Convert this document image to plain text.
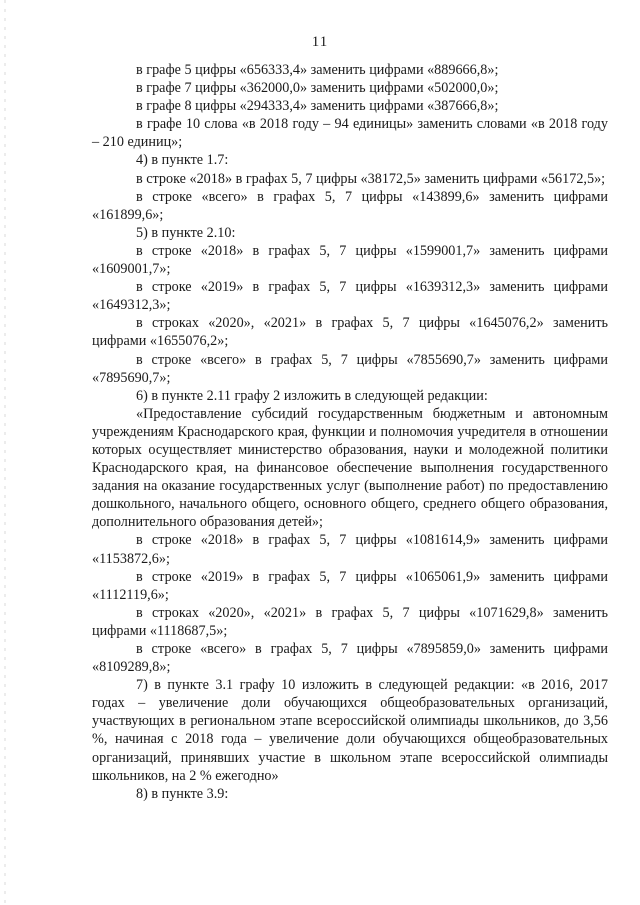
11

в графе 5 цифры «656333,4» заменить цифрами «889666,8»;

в графе 7 цифры «362000,0» заменить цифрами «502000,0»;

в графе 8 цифры «294333,4» заменить цифрами «387666,8»;

в графе 10 слова «в 2018 году – 94 единицы» заменить словами «в 2018 году – 210 единиц»;

4) в пункте 1.7:

в строке «2018» в графах 5, 7 цифры «38172,5» заменить цифрами «56172,5»;

в строке «всего» в графах 5, 7 цифры «143899,6» заменить цифрами «161899,6»;

5) в пункте 2.10:

в строке «2018» в графах 5, 7 цифры «1599001,7» заменить цифрами «1609001,7»;

в строке «2019» в графах 5, 7 цифры «1639312,3» заменить цифрами «1649312,3»;

в строках «2020», «2021» в графах 5, 7 цифры «1645076,2» заменить цифрами «1655076,2»;

в строке «всего» в графах 5, 7 цифры «7855690,7» заменить цифрами «7895690,7»;

6) в пункте 2.11 графу 2 изложить в следующей редакции:

«Предоставление субсидий государственным бюджетным и автономным учреждениям Краснодарского края, функции и полномочия учредителя в отношении которых осуществляет министерство образования, науки и молодежной политики Краснодарского края, на финансовое обеспечение выполнения государственного задания на оказание государственных услуг (выполнение работ) по предоставлению дошкольного, начального общего, основного общего, среднего общего образования, дополнительного образования детей»;

в строке «2018» в графах 5, 7 цифры «1081614,9» заменить цифрами «1153872,6»;

в строке «2019» в графах 5, 7 цифры «1065061,9» заменить цифрами «1112119,6»;

в строках «2020», «2021» в графах 5, 7 цифры «1071629,8» заменить цифрами «1118687,5»;

в строке «всего» в графах 5, 7 цифры «7895859,0» заменить цифрами «8109289,8»;

7) в пункте 3.1 графу 10 изложить в следующей редакции: «в 2016, 2017 годах – увеличение доли обучающихся общеобразовательных организаций, участвующих в региональном этапе всероссийской олимпиады школьников, до 3,56 %, начиная с 2018 года – увеличение доли обучающихся общеобразовательных организаций, принявших участие в школьном этапе всероссийской олимпиады школьников, на 2 % ежегодно»

8) в пункте 3.9:
